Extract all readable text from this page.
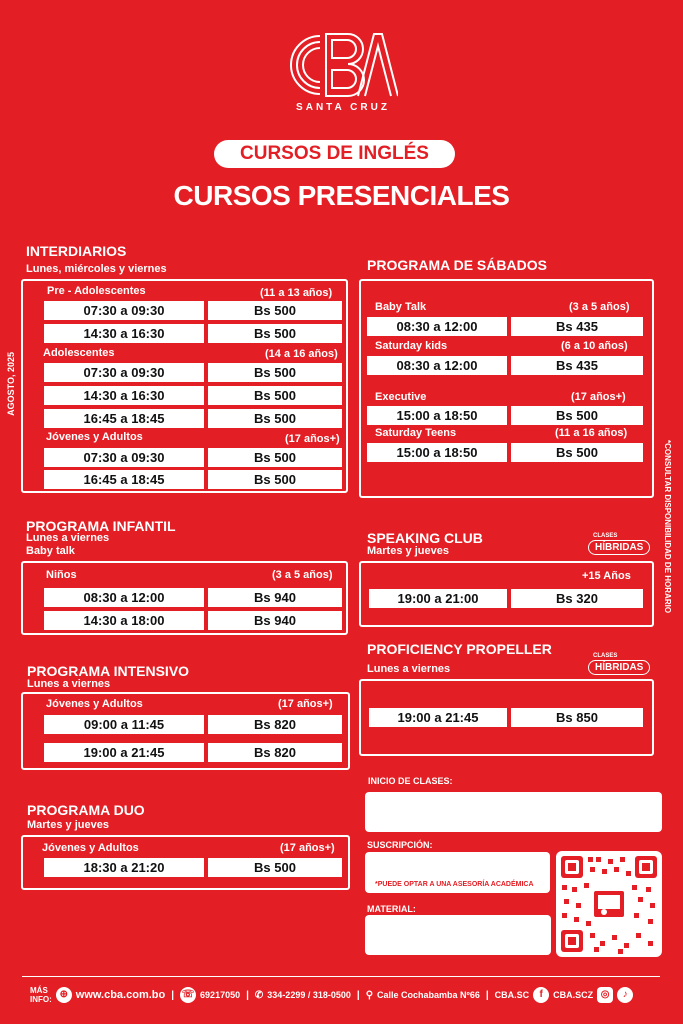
SANTA CRUZ
CURSOS DE INGLÉS
CURSOS PRESENCIALES
AGOSTO, 2025
*CONSULTAR DISPONIBILIDAD DE HORARIO
INTERDIARIOS
Lunes, miércoles y viernes
Pre - Adolescentes	(11 a 13 años)
07:30 a 09:30	Bs 500
14:30 a 16:30	Bs 500
Adolescentes	(14 a 16 años)
07:30 a 09:30	Bs 500
14:30 a 16:30	Bs 500
16:45 a 18:45	Bs 500
Jóvenes y Adultos	(17 años+)
07:30 a 09:30	Bs 500
16:45 a 18:45	Bs 500
PROGRAMA INFANTIL
Lunes a viernes
Baby talk
Niños	(3 a 5 años)
08:30 a 12:00	Bs 940
14:30 a 18:00	Bs 940
PROGRAMA INTENSIVO
Lunes a viernes
Jóvenes y Adultos	(17 años+)
09:00 a 11:45	Bs 820
19:00 a 21:45	Bs 820
PROGRAMA DUO
Martes y jueves
Jóvenes y Adultos	(17 años+)
18:30 a 21:20	Bs 500
PROGRAMA DE SÁBADOS
Baby Talk	(3 a 5 años)
08:30 a 12:00	Bs 435
Saturday kids	(6 a 10 años)
08:30 a 12:00	Bs 435
Executive	(17 años+)
15:00 a 18:50	Bs 500
Saturday Teens	(11 a 16 años)
15:00 a 18:50	Bs 500
SPEAKING CLUB
Martes y jueves
CLASES
HÍBRIDAS
+15 Años
19:00 a 21:00	Bs 320
PROFICIENCY PROPELLER
Lunes a viernes
CLASES
HÍBRIDAS
19:00 a 21:45	Bs 850
INICIO DE CLASES:
SUSCRIPCIÓN:
*PUEDE OPTAR A UNA ASESORÍA ACADÉMICA
MATERIAL:
MÁS
INFO: ⊕ www.cba.com.bo | ☏ 69217050 | ✆ 334-2299 / 318-0500 | ⚲ Calle Cochabamba Nº66 | CBA.SC	f	CBA.SCZ ◎	♪
